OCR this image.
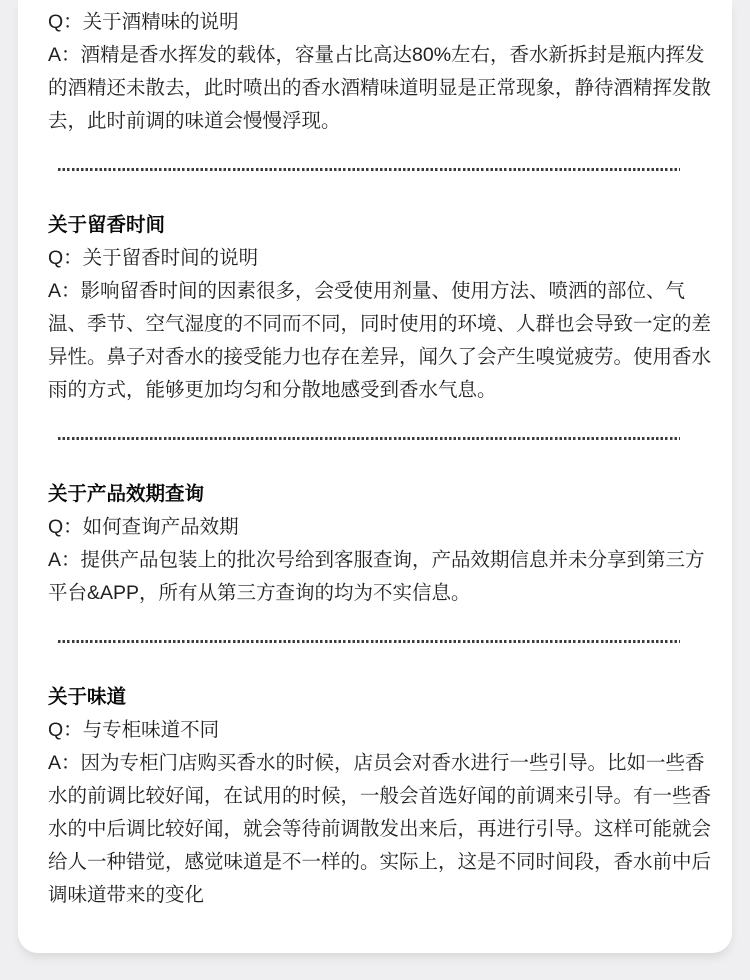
Q：关于酒精味的说明

A：酒精是香水挥发的载体，容量占比高达80%左右，香水新拆封是瓶内挥发的酒精还未散去，此时喷出的香水酒精味道明显是正常现象，静待酒精挥发散去，此时前调的味道会慢慢浮现。

关于留香时间

Q：关于留香时间的说明

A：影响留香时间的因素很多，会受使用剂量、使用方法、喷洒的部位、气温、季节、空气湿度的不同而不同，同时使用的环境、人群也会导致一定的差异性。鼻子对香水的接受能力也存在差异，闻久了会产生嗅觉疲劳。使用香水雨的方式，能够更加均匀和分散地感受到香水气息。

关于产品效期查询

Q：如何查询产品效期

A：提供产品包装上的批次号给到客服查询，产品效期信息并未分享到第三方平台&APP，所有从第三方查询的均为不实信息。

关于味道

Q：与专柜味道不同

A：因为专柜门店购买香水的时候，店员会对香水进行一些引导。比如一些香水的前调比较好闻，在试用的时候，一般会首选好闻的前调来引导。有一些香水的中后调比较好闻，就会等待前调散发出来后，再进行引导。这样可能就会给人一种错觉，感觉味道是不一样的。实际上，这是不同时间段，香水前中后调味道带来的变化
